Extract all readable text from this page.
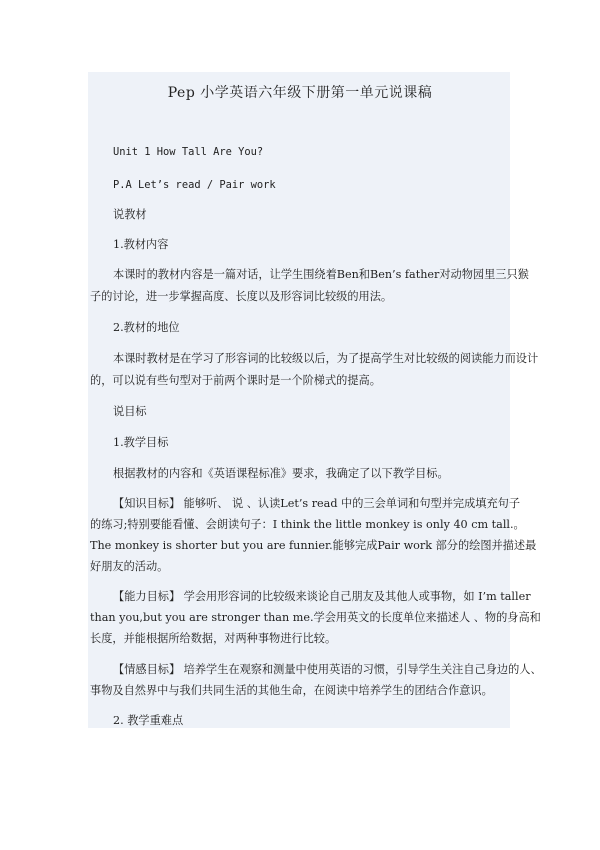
Pep 小学英语六年级下册第一单元说课稿
Unit 1 How Tall Are You?
P.A Let’s read / Pair work
说教材
1.教材内容
本课时的教材内容是一篇对话，让学生围绕着Ben和Ben’s father对动物园里三只猴
子的讨论，进一步掌握高度、长度以及形容词比较级的用法。
2.教材的地位
本课时教材是在学习了形容词的比较级以后，为了提高学生对比较级的阅读能力而设计
的，可以说有些句型对于前两个课时是一个阶梯式的提高。
说目标
1.教学目标
根据教材的内容和《英语课程标准》要求，我确定了以下教学目标。
【知识目标】 能够听、 说 、认读Let’s read 中的三会单词和句型并完成填充句子
的练习;特别要能看懂、会朗读句子：I think the little monkey is only 40 cm tall.。
The monkey is shorter but you are funnier.能够完成Pair work 部分的绘图并描述最
好朋友的活动。
【能力目标】 学会用形容词的比较级来谈论自己朋友及其他人或事物，如 I’m taller
than you,but you are stronger than me.学会用英文的长度单位来描述人 、物的身高和
长度，并能根据所给数据，对两种事物进行比较。
【情感目标】 培养学生在观察和测量中使用英语的习惯，引导学生关注自己身边的人、
事物及自然界中与我们共同生活的其他生命，在阅读中培养学生的团结合作意识。
2. 教学重难点
